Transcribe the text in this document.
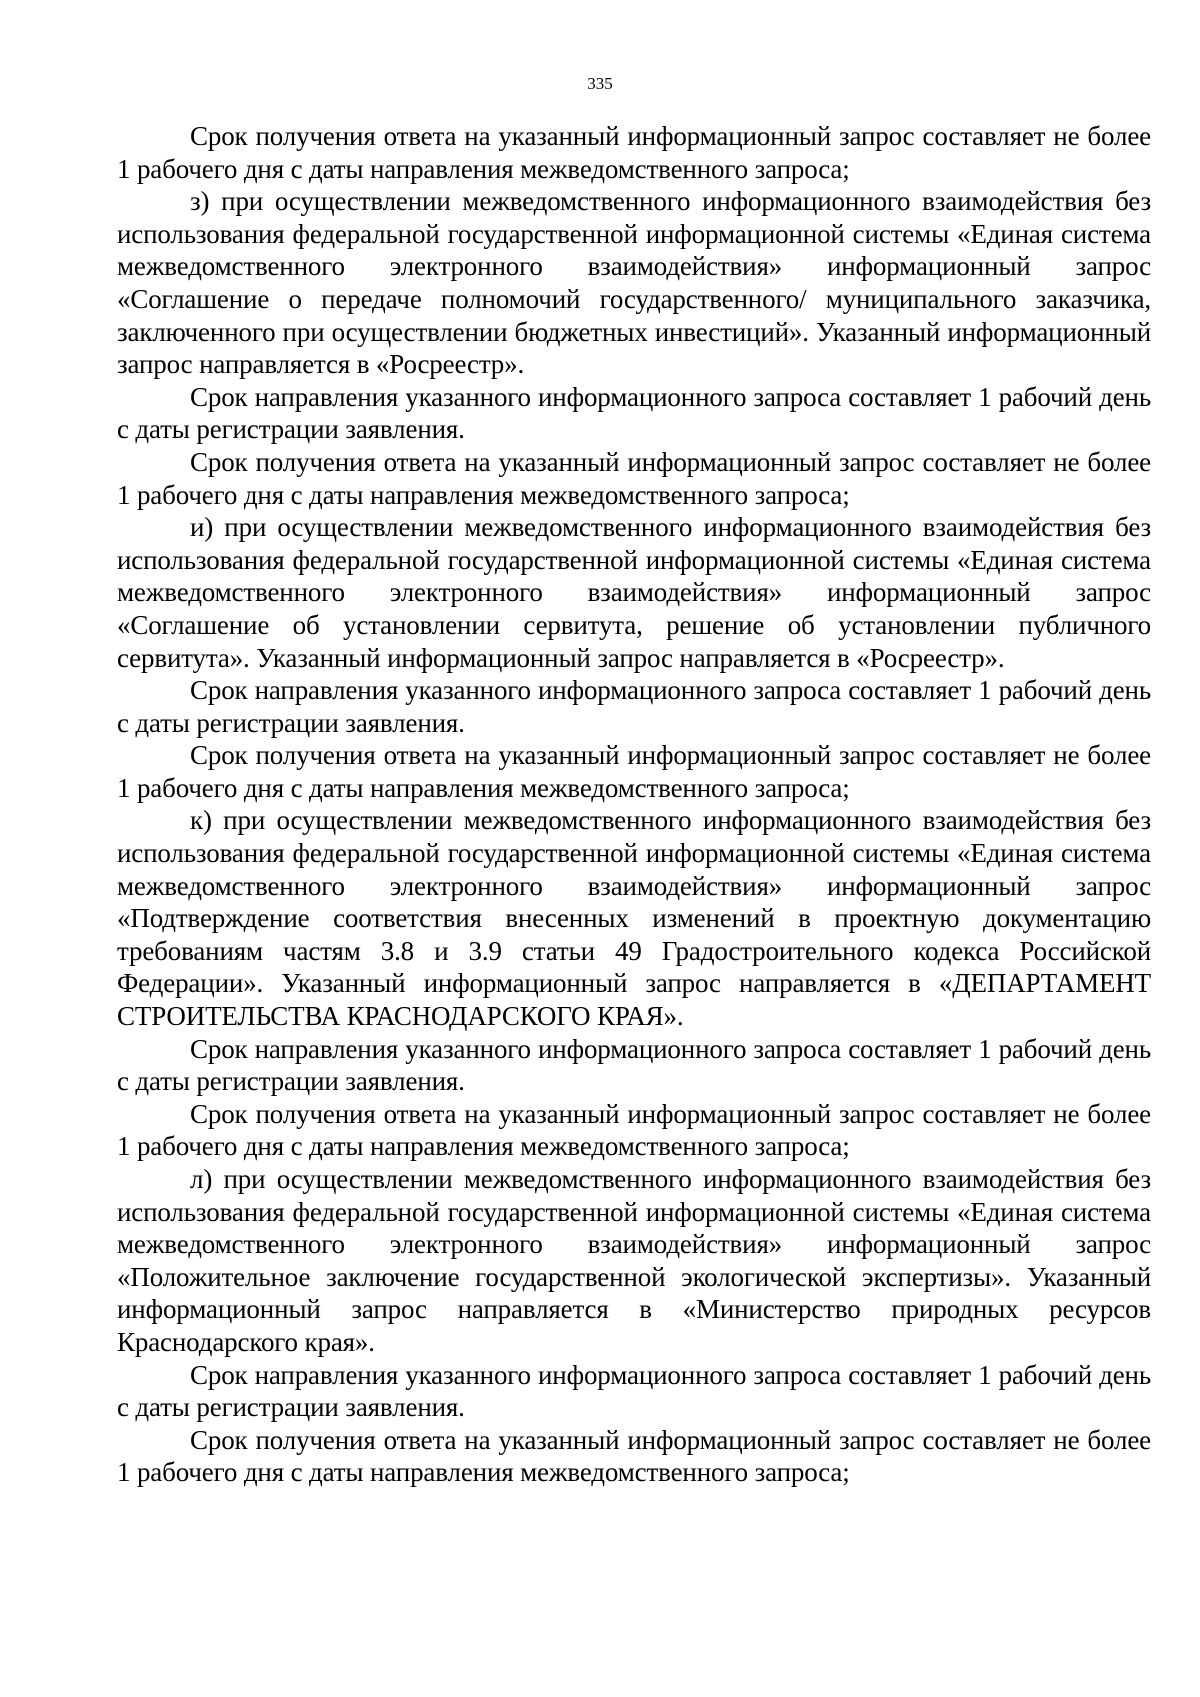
335

Срок получения ответа на указанный информационный запрос составляет не более 1 рабочего дня с даты направления межведомственного запроса;

з) при осуществлении межведомственного информационного взаимодействия без использования федеральной государственной информационной системы «Единая система межведомственного электронного взаимодействия» информационный запрос «Соглашение о передаче полномочий государственного/ муниципального заказчика, заключенного при осуществлении бюджетных инвестиций». Указанный информационный запрос направляется в «Росреестр».

Срок направления указанного информационного запроса составляет 1 рабочий день с даты регистрации заявления.

Срок получения ответа на указанный информационный запрос составляет не более 1 рабочего дня с даты направления межведомственного запроса;

и) при осуществлении межведомственного информационного взаимодействия без использования федеральной государственной информационной системы «Единая система межведомственного электронного взаимодействия» информационный запрос «Соглашение об установлении сервитута, решение об установлении публичного сервитута». Указанный информационный запрос направляется в «Росреестр».

Срок направления указанного информационного запроса составляет 1 рабочий день с даты регистрации заявления.

Срок получения ответа на указанный информационный запрос составляет не более 1 рабочего дня с даты направления межведомственного запроса;

к) при осуществлении межведомственного информационного взаимодействия без использования федеральной государственной информационной системы «Единая система межведомственного электронного взаимодействия» информационный запрос «Подтверждение соответствия внесенных изменений в проектную документацию требованиям частям 3.8 и 3.9 статьи 49 Градостроительного кодекса Российской Федерации». Указанный информационный запрос направляется в «ДЕПАРТАМЕНТ СТРОИТЕЛЬСТВА КРАСНОДАРСКОГО КРАЯ».

Срок направления указанного информационного запроса составляет 1 рабочий день с даты регистрации заявления.

Срок получения ответа на указанный информационный запрос составляет не более 1 рабочего дня с даты направления межведомственного запроса;

л) при осуществлении межведомственного информационного взаимодействия без использования федеральной государственной информационной системы «Единая система межведомственного электронного взаимодействия» информационный запрос «Положительное заключение государственной экологической экспертизы». Указанный информационный запрос направляется в «Министерство природных ресурсов Краснодарского края».

Срок направления указанного информационного запроса составляет 1 рабочий день с даты регистрации заявления.

Срок получения ответа на указанный информационный запрос составляет не более 1 рабочего дня с даты направления межведомственного запроса;
